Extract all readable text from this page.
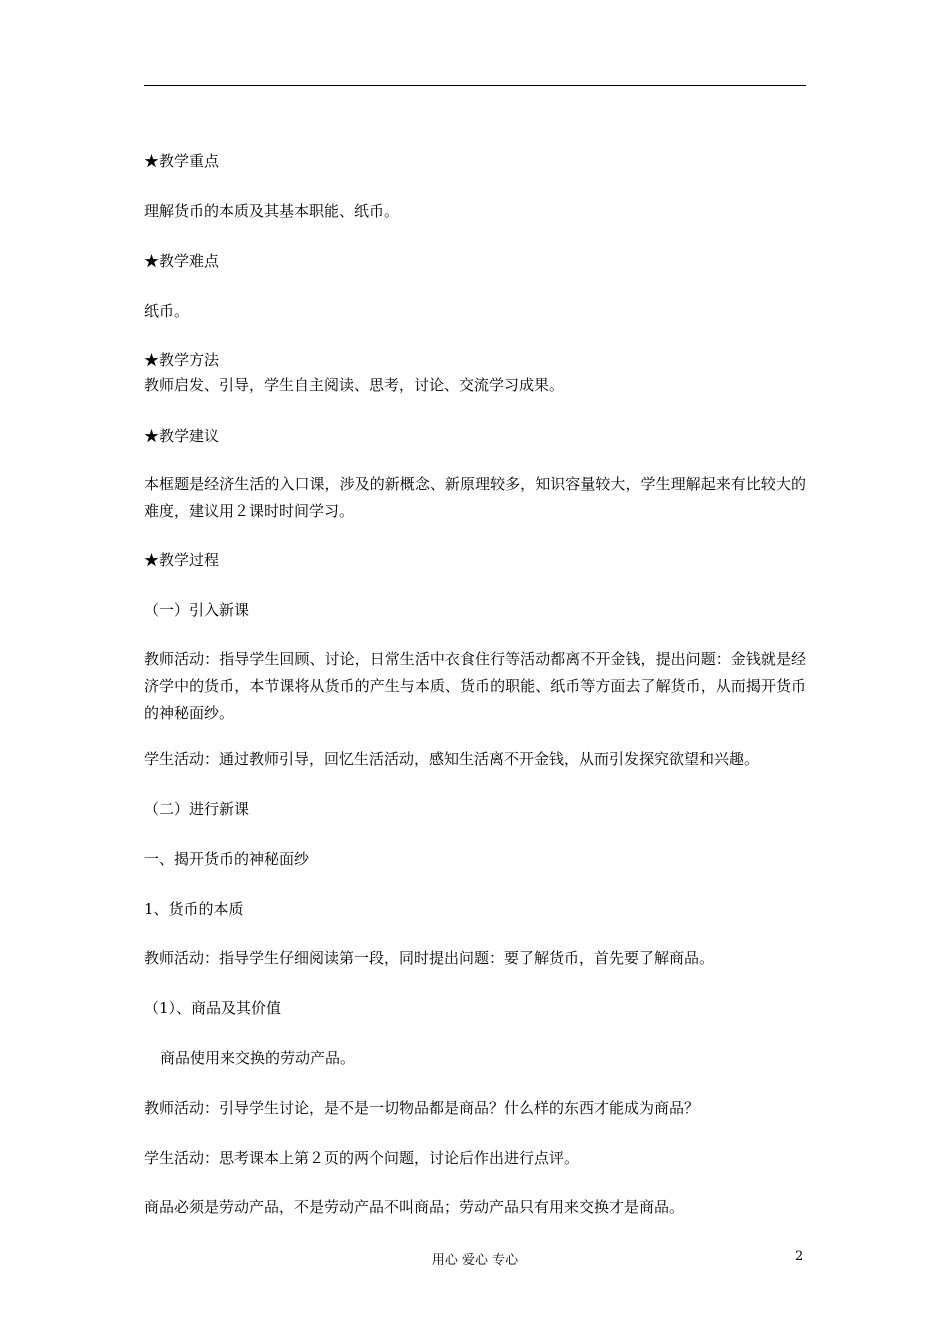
★教学重点
理解货币的本质及其基本职能、纸币。
★教学难点
纸币。
★教学方法
教师启发、引导，学生自主阅读、思考，讨论、交流学习成果。
★教学建议
本框题是经济生活的入口课，涉及的新概念、新原理较多，知识容量较大，学生理解起来有比较大的难度，建议用２课时时间学习。
★教学过程
（一）引入新课
教师活动：指导学生回顾、讨论，日常生活中衣食住行等活动都离不开金钱，提出问题：金钱就是经济学中的货币，本节课将从货币的产生与本质、货币的职能、纸币等方面去了解货币，从而揭开货币的神秘面纱。
学生活动：通过教师引导，回忆生活活动，感知生活离不开金钱，从而引发探究欲望和兴趣。
（二）进行新课
一、揭开货币的神秘面纱
1、货币的本质
教师活动：指导学生仔细阅读第一段，同时提出问题：要了解货币，首先要了解商品。
（1）、商品及其价值
商品使用来交换的劳动产品。
教师活动：引导学生讨论，是不是一切物品都是商品？什么样的东西才能成为商品？
学生活动：思考课本上第２页的两个问题，讨论后作出进行点评。
商品必须是劳动产品，不是劳动产品不叫商品；劳动产品只有用来交换才是商品。
用心 爱心 专心	2
